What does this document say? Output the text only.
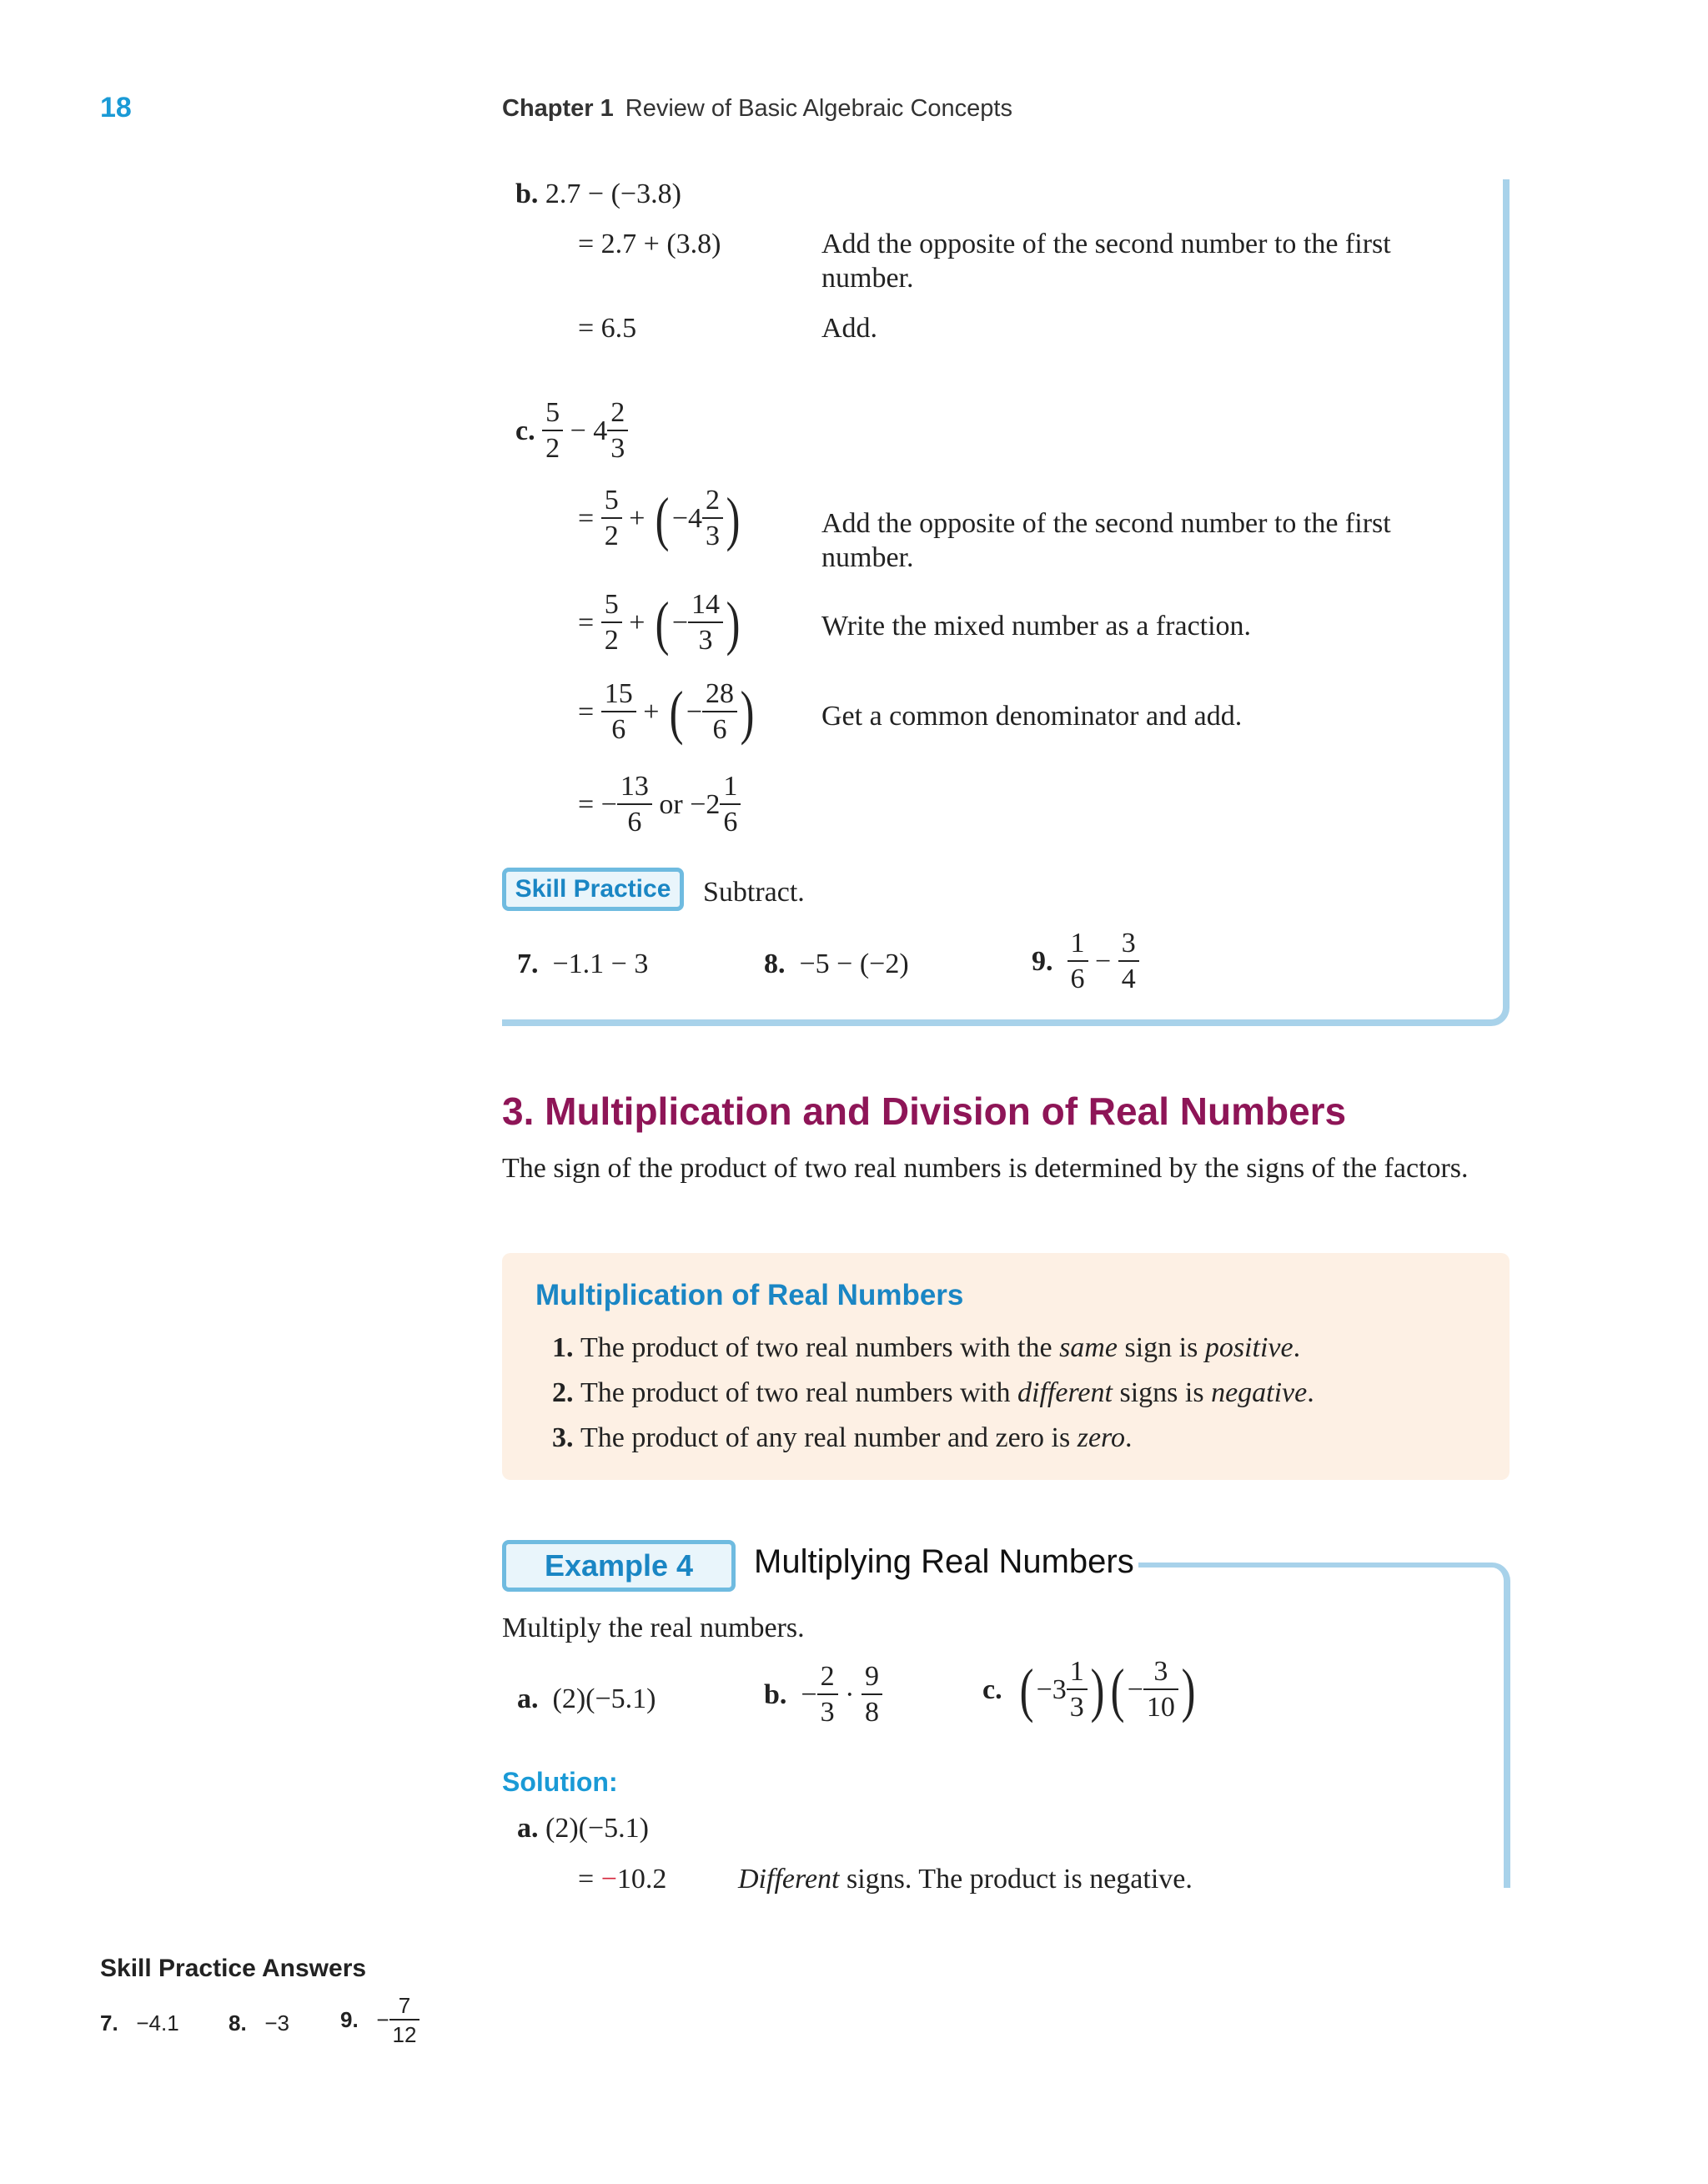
18	Chapter 1 Review of Basic Algebraic Concepts
b. 2.7 − (−3.8)
= 2.7 + (3.8)	Add the opposite of the second number to the first number.
= 6.5	Add.
c.
$\frac{5}{2} - 4 \frac{2}{3}$
= $\frac{5}{2}$ + ( $-4 \frac{2}{3}$ )	Add the opposite of the second number to the first number.
= $\frac{5}{2}$ + ( − $\frac{14}{3}$ )	Write the mixed number as a fraction.
= $\frac{15}{6}$ + ( − $\frac{28}{6}$ ) Get a common denominator and add.
= − $\frac{13}{6}$ or $-2 \frac{1}{6}$
Skill Practice	Subtract.
7. −1.1 − 3	8. −5 − (−2)	9.
$\frac{1}{6} - \frac{3}{4}$
3. Multiplication and Division of Real Numbers
The sign of the product of two real numbers is determined by the signs of the factors.
Multiplication of Real Numbers
1. The product of two real numbers with the same sign is positive.
2. The product of two real numbers with different signs is negative.
3. The product of any real number and zero is zero.
Example 4	Multiplying Real Numbers
Multiply the real numbers.
a. (2)(−5.1)	b.
− $\frac{2}{3} \cdot \frac{9}{8}$	c.
( $-3 \frac{1}{3}$ ) ( − $\frac{3}{10}$ )
Solution:
a. (2)(−5.1)
= −10.2	Different signs. The product is negative.
Skill Practice Answers
7.
−4.1 8.
−3 9.
− $\frac{7}{12}$
